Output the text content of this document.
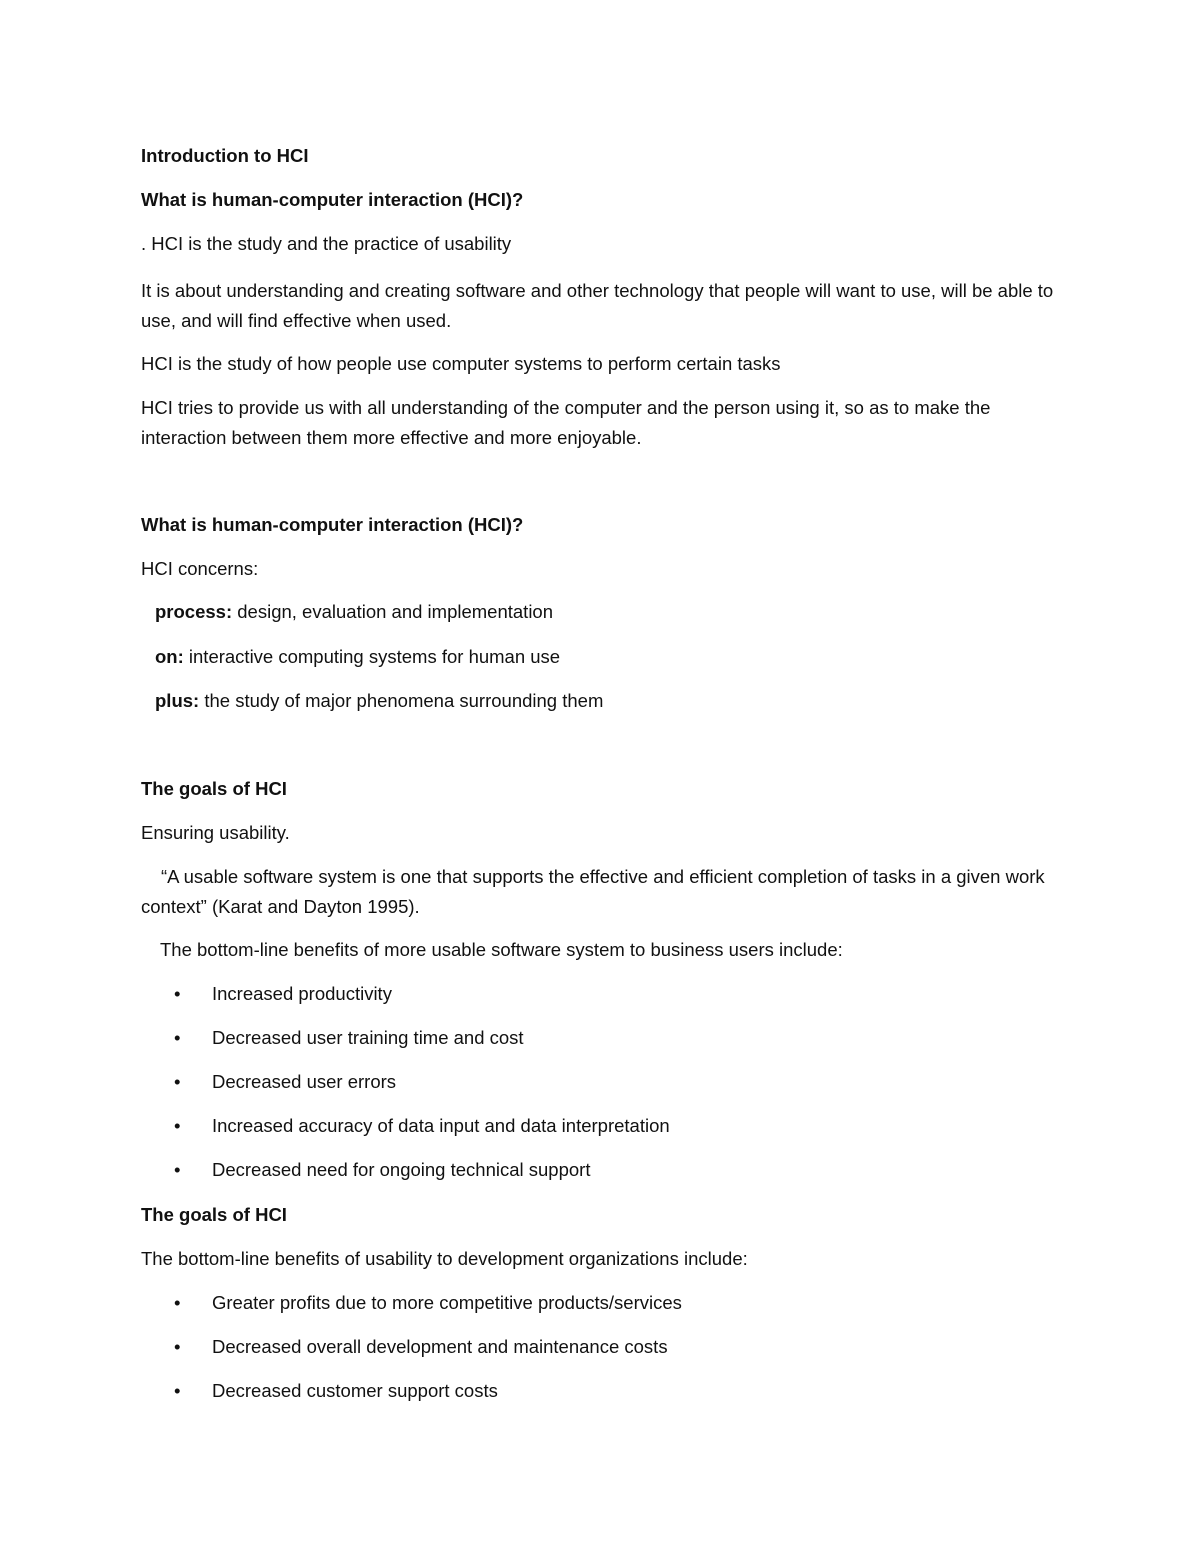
Introduction to HCI

What is human-computer interaction (HCI)?

. HCI is the study and the practice of usability

It is about understanding and creating software and other technology that people will want to use, will be able to use, and will find effective when used.

HCI is the study of how people use computer systems to perform certain tasks

HCI tries to provide us with all understanding of the computer and the person using it, so as to make the interaction between them more effective and more enjoyable.

What is human-computer interaction (HCI)?

HCI concerns:

process: design, evaluation and implementation

on: interactive computing systems for human use

plus: the study of major phenomena surrounding them

The goals of HCI

Ensuring usability.

“A usable software system is one that supports the effective and efficient completion of tasks in a given work context” (Karat and Dayton 1995).

The bottom-line benefits of more usable software system to business users include:

• Increased productivity
• Decreased user training time and cost
• Decreased user errors
• Increased accuracy of data input and data interpretation
• Decreased need for ongoing technical support

The goals of HCI

The bottom-line benefits of usability to development organizations include:

• Greater profits due to more competitive products/services
• Decreased overall development and maintenance costs
• Decreased customer support costs
